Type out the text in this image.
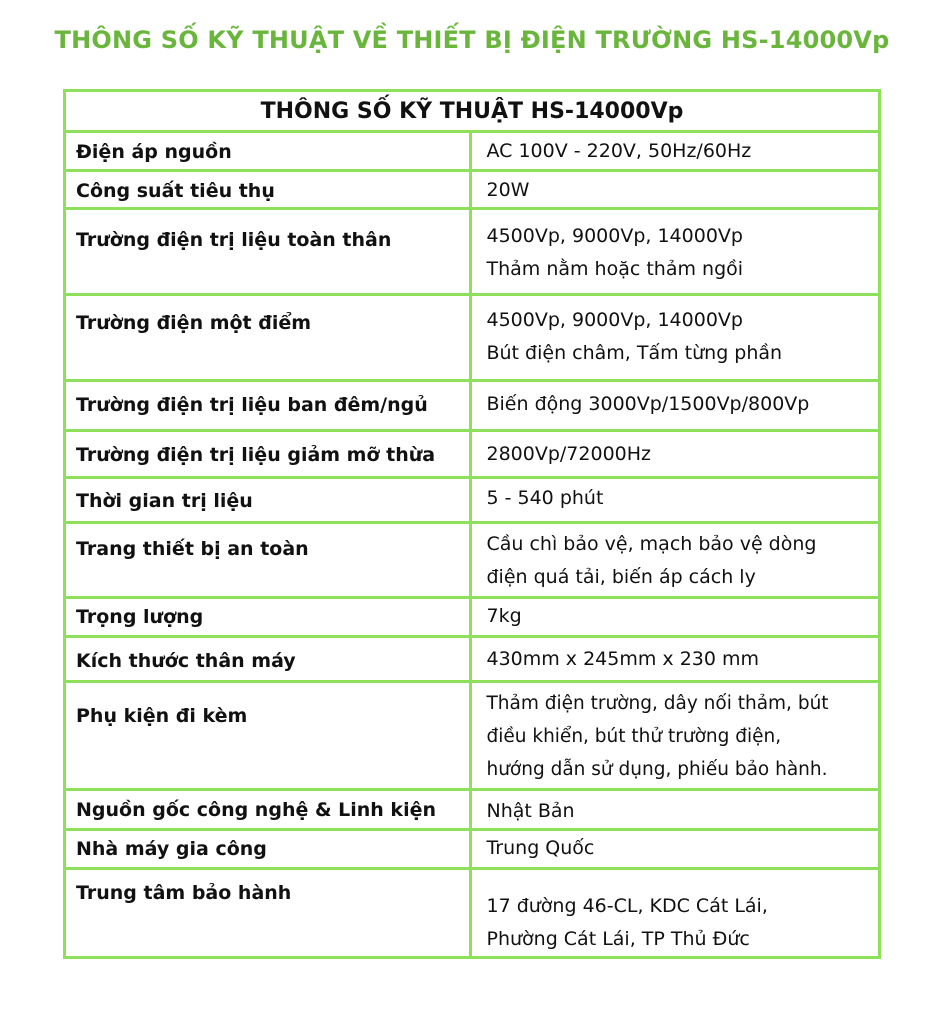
THÔNG SỐ KỸ THUẬT VỀ THIẾT BỊ ĐIỆN TRƯỜNG HS-14000Vp
THÔNG SỐ KỸ THUẬT HS-14000Vp	
Điện áp nguồn	AC 100V - 220V, 50Hz/60Hz

Công suất tiêu thụ	20W

Trường điện trị liệu toàn thân	4500Vp, 9000Vp, 14000Vp
Thảm nằm hoặc thảm ngồi

Trường điện một điểm	4500Vp, 9000Vp, 14000Vp
Bút điện châm, Tấm từng phần

Trường điện trị liệu ban đêm/ngủ	Biến động 3000Vp/1500Vp/800Vp

Trường điện trị liệu giảm mỡ thừa	2800Vp/72000Hz

Thời gian trị liệu	5 - 540 phút

Trang thiết bị an toàn	Cầu chì bảo vệ, mạch bảo vệ dòng
điện quá tải, biến áp cách ly

Trọng lượng	7kg

Kích thước thân máy	430mm x 245mm x 230 mm

Phụ kiện đi kèm	Thảm điện trường, dây nối thảm, bút
điều khiển, bút thử trường điện,
hướng dẫn sử dụng, phiếu bảo hành.

Nguồn gốc công nghệ & Linh kiện	Nhật Bản

Nhà máy gia công	Trung Quốc

Trung tâm bảo hành	17 đường 46-CL, KDC Cát Lái,
Phường Cát Lái, TP Thủ Đức
